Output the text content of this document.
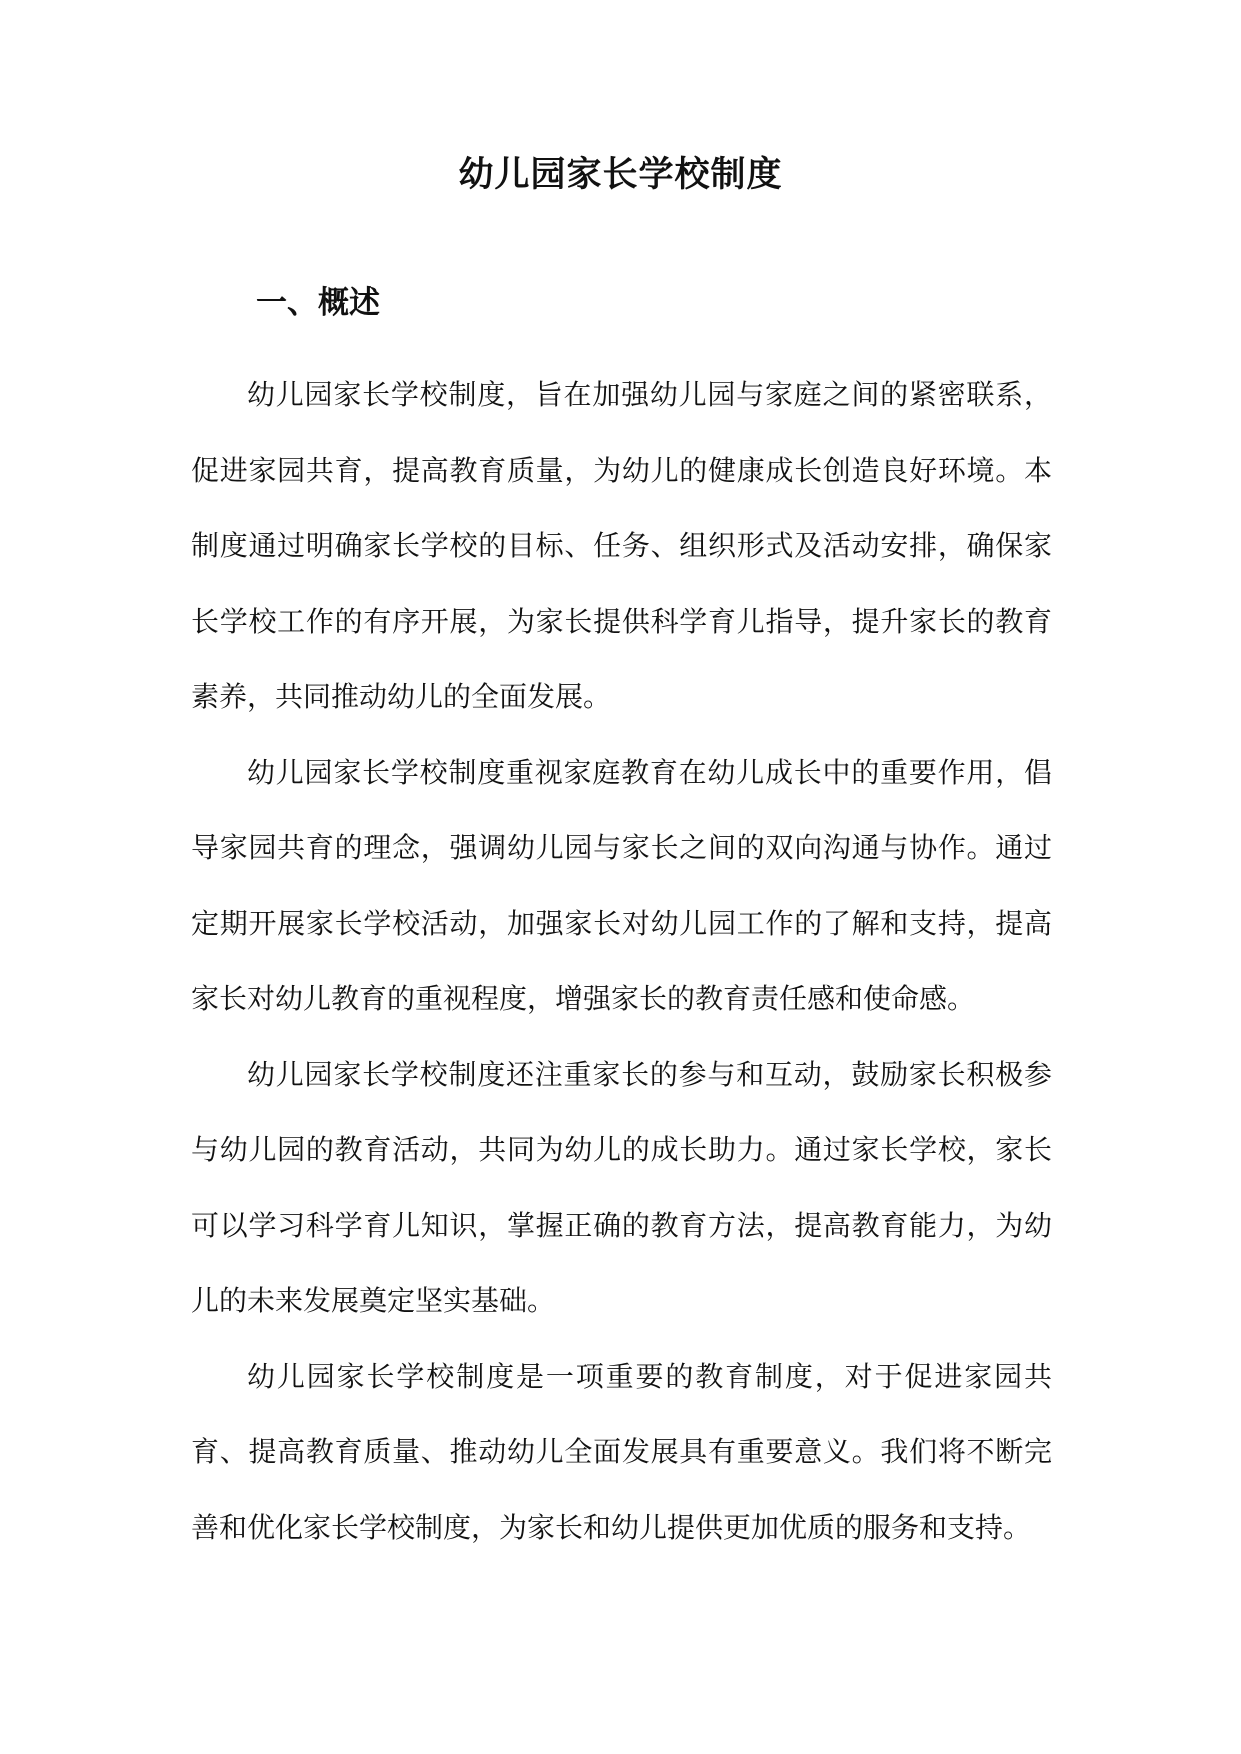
幼儿园家长学校制度
一、概述

幼儿园家长学校制度，旨在加强幼儿园与家庭之间的紧密联系，促进家园共育，提高教育质量，为幼儿的健康成长创造良好环境。本制度通过明确家长学校的目标、任务、组织形式及活动安排，确保家长学校工作的有序开展，为家长提供科学育儿指导，提升家长的教育素养，共同推动幼儿的全面发展。

幼儿园家长学校制度重视家庭教育在幼儿成长中的重要作用，倡导家园共育的理念，强调幼儿园与家长之间的双向沟通与协作。通过定期开展家长学校活动，加强家长对幼儿园工作的了解和支持，提高家长对幼儿教育的重视程度，增强家长的教育责任感和使命感。

幼儿园家长学校制度还注重家长的参与和互动，鼓励家长积极参与幼儿园的教育活动，共同为幼儿的成长助力。通过家长学校，家长可以学习科学育儿知识，掌握正确的教育方法，提高教育能力，为幼儿的未来发展奠定坚实基础。

幼儿园家长学校制度是一项重要的教育制度，对于促进家园共育、提高教育质量、推动幼儿全面发展具有重要意义。我们将不断完善和优化家长学校制度，为家长和幼儿提供更加优质的服务和支持。
